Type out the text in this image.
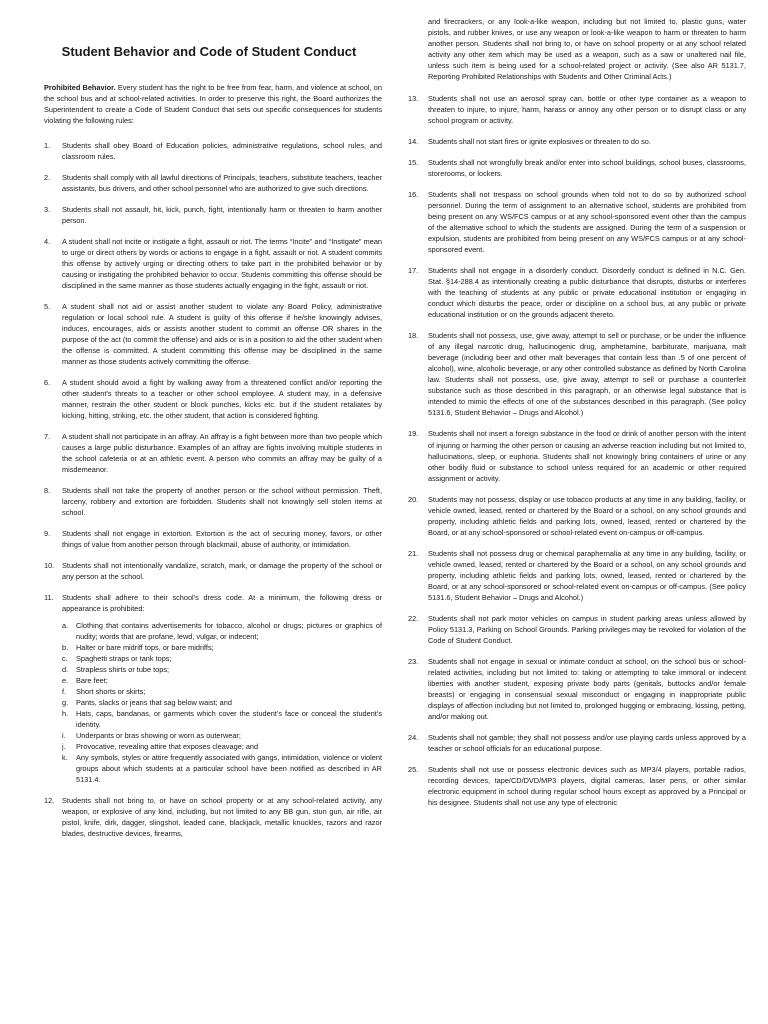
Student Behavior and Code of Student Conduct

Prohibited Behavior. Every student has the right to be free from fear, harm, and violence at school, on the school bus and at school-related activities. In order to preserve this right, the Board authorizes the Superintendent to create a Code of Student Conduct that sets out specific consequences for students violating the following rules:

1. Students shall obey Board of Education policies, administrative regulations, school rules, and classroom rules.
2. Students shall comply with all lawful directions of Principals, teachers, substitute teachers, teacher assistants, bus drivers, and other school personnel who are authorized to give such directions.
3. Students shall not assault, hit, kick, punch, fight, intentionally harm or threaten to harm another person.
4. A student shall not incite or instigate a fight, assault or riot. The terms “Incite” and “Instigate” mean to urge or direct others by words or actions to engage in a fight, assault or riot. A student commits this offense by actively urging or directing others to take part in the prohibited behavior or by causing or instigating the prohibited behavior to occur. Students committing this offense should be disciplined in the same manner as those students actually engaging in the fight, assault or riot.
5. A student shall not aid or assist another student to violate any Board Policy, administrative regulation or local school rule. A student is guilty of this offense if he/she knowingly advises, induces, encourages, aids or assists another student to commit an offense OR shares in the purpose of the act (to commit the offense) and aids or is in a position to aid the other student when the offense is committed. A student committing this offense may be disciplined in the same manner as those students actively committing the offense.
6. A student should avoid a fight by walking away from a threatened conflict and/or reporting the other student’s threats to a teacher or other school employee. A student may, in a defensive manner, restrain the other student or block punches, kicks etc. but if the student retaliates by kicking, hitting, striking, etc. the other student, that action is considered fighting.
7. A student shall not participate in an affray. An affray is a fight between more than two people which causes a large public disturbance. Examples of an affray are fights involving multiple students in the school cafeteria or at an athletic event. A person who commits an affray may be guilty of a misdemeanor.
8. Students shall not take the property of another person or the school without permission. Theft, larceny, robbery and extortion are forbidden. Students shall not knowingly sell stolen items at school.
9. Students shall not engage in extortion. Extortion is the act of securing money, favors, or other things of value from another person through blackmail, abuse of authority, or intimidation.
10. Students shall not intentionally vandalize, scratch, mark, or damage the property of the school or any person at the school.
11. Students shall adhere to their school’s dress code. At a minimum, the following dress or appearance is prohibited:
a. Clothing that contains advertisements for tobacco, alcohol or drugs; pictures or graphics of nudity; words that are profane, lewd, vulgar, or indecent;
b. Halter or bare midriff tops, or bare midriffs;
c. Spaghetti straps or tank tops;
d. Strapless shirts or tube tops;
e. Bare feet;
f. Short shorts or skirts;
g. Pants, slacks or jeans that sag below waist; and
h. Hats, caps, bandanas, or garments which cover the student’s face or conceal the student’s identity.
i. Underpants or bras showing or worn as outerwear;
j. Provocative, revealing attire that exposes cleavage; and
k. Any symbols, styles or attire frequently associated with gangs, intimidation, violence or violent groups about which students at a particular school have been notified as described in AR 5131.4.
12. Students shall not bring to, or have on school property or at any school-related activity, any weapon, or explosive of any kind, including, but not limited to any BB gun, stun gun, air rifle, air pistol, knife, dirk, dagger, slingshot, leaded cane, blackjack, metallic knuckles, razors and razor blades, destructive devices, firearms,
and firecrackers, or any look-a-like weapon, including but not limited to, plastic guns, water pistols, and rubber knives, or use any weapon or look-a-like weapon to harm or threaten to harm another person. Students shall not bring to, or have on school property or at any school related activity any other item which may be used as a weapon, such as a saw or unaltered nail file, unless such item is being used for a school-related project or activity. (See also AR 5131.7, Reporting Prohibited Relationships with Students and Other Criminal Acts.)
13. Students shall not use an aerosol spray can, bottle or other type container as a weapon to threaten to injure, to injure, harm, harass or annoy any other person or to disrupt class or any school program or activity.
14. Students shall not start fires or ignite explosives or threaten to do so.
15. Students shall not wrongfully break and/or enter into school buildings, school buses, classrooms, storerooms, or lockers.
16. Students shall not trespass on school grounds when told not to do so by authorized school personnel. During the term of assignment to an alternative school, students are prohibited from being present on any WS/FCS campus or at any school-sponsored event other than the campus of the alternative school to which the students are assigned. During the term of a suspension or expulsion, students are prohibited from being present on any WS/FCS campus or at any school-sponsored event.
17. Students shall not engage in a disorderly conduct. Disorderly conduct is defined in N.C. Gen. Stat. §14-288.4 as intentionally creating a public disturbance that disrupts, disturbs or interferes with the teaching of students at any public or private educational institution or engaging in conduct which disturbs the peace, order or discipline on a school bus, at any public or private educational institution or on the grounds adjacent thereto.
18. Students shall not possess, use, give away, attempt to sell or purchase, or be under the influence of any illegal narcotic drug, hallucinogenic drug, amphetamine, barbiturate, marijuana, malt beverage (including beer and other malt beverages that contain less than .5 of one percent of alcohol), wine, alcoholic beverage, or any other controlled substance as defined by North Carolina law. Students shall not possess, use, give away, attempt to sell or purchase a counterfeit substance such as those described in this paragraph, or an otherwise legal substance that is intended to mimic the effects of one of the substances described in this paragraph. (See policy 5131.6, Student Behavior – Drugs and Alcohol.)
19. Students shall not insert a foreign substance in the food or drink of another person with the intent of injuring or harming the other person or causing an adverse reaction including but not limited to, hallucinations, sleep, or euphoria. Students shall not knowingly bring containers of urine or any other bodily fluid or substance to school unless required for an academic or other required assignment or activity.
20. Students may not possess, display or use tobacco products at any time in any building, facility, or vehicle owned, leased, rented or chartered by the Board or a school, on any school grounds and property, including athletic fields and parking lots, owned, leased, rented or chartered by the Board, or at any school-sponsored or school-related event on-campus or off-campus.
21. Students shall not possess drug or chemical paraphernalia at any time in any building, facility, or vehicle owned, leased, rented or chartered by the Board or a school, on any school grounds and property, including athletic fields and parking lots, owned, leased, rented or chartered by the Board, or at any school-sponsored or school-related event on-campus or off-campus. (See policy 5131.6, Student Behavior – Drugs and Alcohol.)
22. Students shall not park motor vehicles on campus in student parking areas unless allowed by Policy 5131.3, Parking on School Grounds. Parking privileges may be revoked for violation of the Code of Student Conduct.
23. Students shall not engage in sexual or intimate conduct at school, on the school bus or school-related activities, including but not limited to: taking or attempting to take immoral or indecent liberties with another student, exposing private body parts (genitals, buttocks and/or female breasts) or engaging in consensual sexual misconduct or engaging in inappropriate public displays of affection including but not limited to, prolonged hugging or embracing, kissing, petting, and/or making out.
24. Students shall not gamble; they shall not possess and/or use playing cards unless approved by a teacher or school officials for an educational purpose.
25. Students shall not use or possess electronic devices such as MP3/4 players, portable radios, recording devices, tape/CD/DVD/MP3 players, digital cameras, laser pens, or other similar electronic equipment in school during regular school hours except as approved by a Principal or his designee. Students shall not use any type of electronic
